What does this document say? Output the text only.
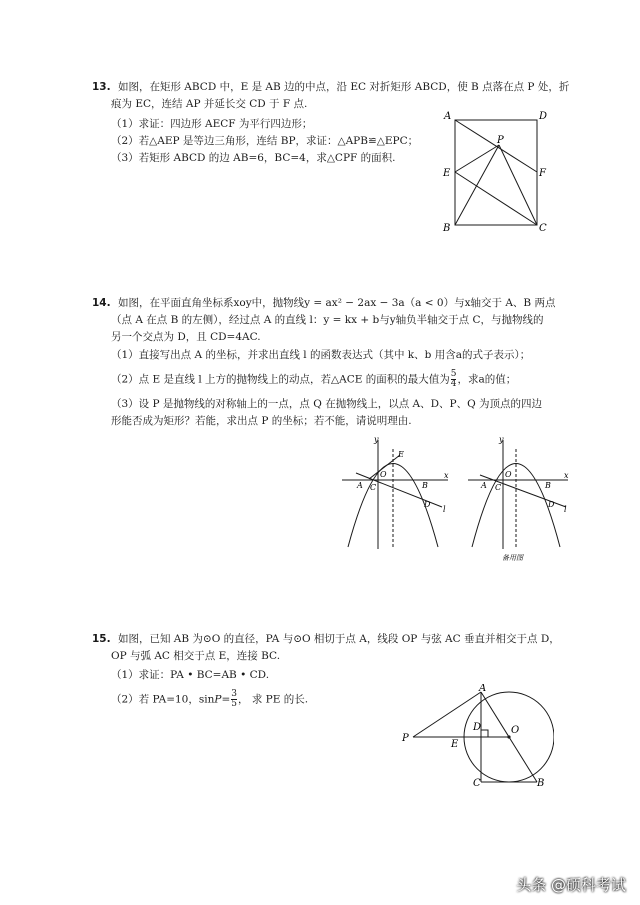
13. 如图，在矩形 ABCD 中，E 是 AB 边的中点，沿 EC 对折矩形 ABCD，使 B 点落在点 P 处，折
痕为 EC，连结 AP 并延长交 CD 于 F 点.
（1）求证：四边形 AECF 为平行四边形；
（2）若△AEP 是等边三角形，连结 BP，求证：△APB≌△EPC；
（3）若矩形 ABCD 的边 AB=6，BC=4，求△CPF 的面积.
A	D
P
E	F
B	C
14. 如图，在平面直角坐标系xoy中，抛物线y = ax² − 2ax − 3a（a < 0）与x轴交于 A、B 两点
（点 A 在点 B 的左侧），经过点 A 的直线 l：y = kx + b与y轴负半轴交于点 C，与抛物线的
另一个交点为 D，且 CD=4AC.
（1）直接写出点 A 的坐标，并求出直线 l 的函数表达式（其中 k、b 用含a的式子表示）；
（2）点 E 是直线 l 上方的抛物线上的动点，若△ACE 的面积的最大值为 $\frac{5}{4}$ ，求a的值；
（3）设 P 是抛物线的对称轴上的一点，点 Q 在抛物线上，以点 A、D、P、Q 为顶点的四边
形能否成为矩形？若能，求出点 P 的坐标；若不能，请说明理由.
y
x
O
A	B
C
D
E
l
y
x
O
A	B
C
D
l
备用图
15. 如图，已知 AB 为⊙O 的直径，PA 与⊙O 相切于点 A，线段 OP 与弦 AC 垂直并相交于点 D，
OP 与弧 AC 相交于点 E，连接 BC.
（1）求证：PA • BC=AB • CD.
（2）若 PA=10，$\sin P= \frac{3}{5}$ ， 求 PE 的长.
A
P
E
D	O
C	B
头条 @硕科考试
